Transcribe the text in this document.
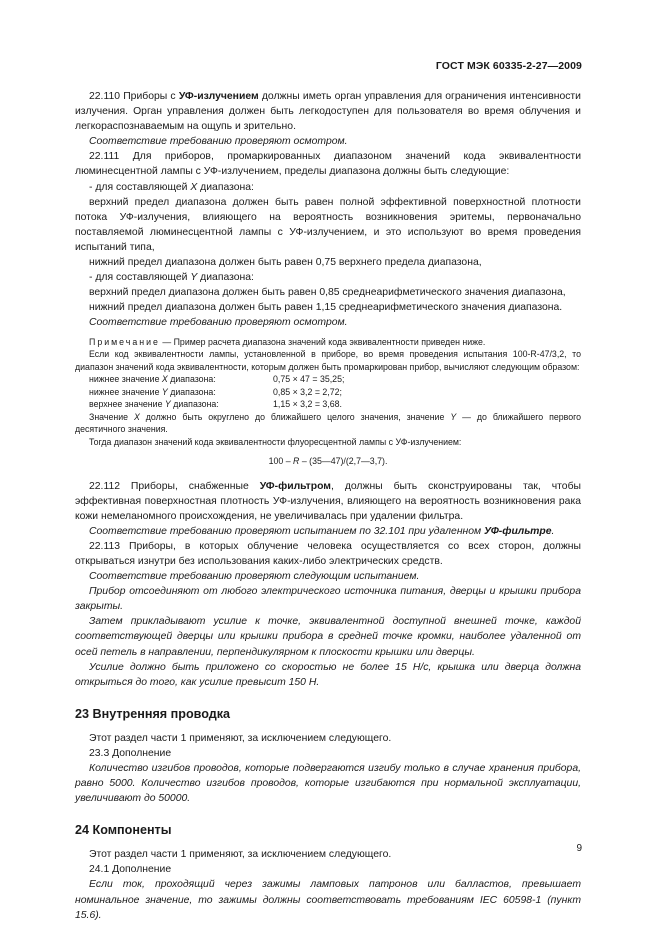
ГОСТ МЭК 60335-2-27—2009

22.110 Приборы с УФ-излучением должны иметь орган управления для ограничения интенсивности излучения. Орган управления должен быть легкодоступен для пользователя во время облучения и легкораспознаваемым на ощупь и зрительно.

Соответствие требованию проверяют осмотром.

22.111 Для приборов, промаркированных диапазоном значений кода эквивалентности люминесцентной лампы с УФ-излучением, пределы диапазона должны быть следующие:

- для составляющей X диапазона:

верхний предел диапазона должен быть равен полной эффективной поверхностной плотности потока УФ-излучения, влияющего на вероятность возникновения эритемы, первоначально поставляемой люминесцентной лампы с УФ-излучением, и это используют во время проведения испытаний типа,

нижний предел диапазона должен быть равен 0,75 верхнего предела диапазона,

- для составляющей Y диапазона:

верхний предел диапазона должен быть равен 0,85 среднеарифметического значения диапазона,

нижний предел диапазона должен быть равен 1,15 среднеарифметического значения диапазона.

Соответствие требованию проверяют осмотром.

Примечание — Пример расчета диапазона значений кода эквивалентности приведен ниже.

Если код эквивалентности лампы, установленной в приборе, во время проведения испытания 100-R-47/3,2, то диапазон значений кода эквивалентности, которым должен быть промаркирован прибор, вычисляют следующим образом:

нижнее значение X диапазона:	0,75 × 47 = 35,25;
нижнее значение Y диапазона:	0,85 × 3,2 = 2,72;
верхнее значение Y диапазона:	1,15 × 3,2 = 3,68.

Значение X должно быть округлено до ближайшего целого значения, значение Y — до ближайшего первого десятичного значения.

Тогда диапазон значений кода эквивалентности флуоресцентной лампы с УФ-излучением:

100 – R – (35—47)/(2,7—3,7).

22.112 Приборы, снабженные УФ-фильтром, должны быть сконструированы так, чтобы эффективная поверхностная плотность УФ-излучения, влияющего на вероятность возникновения рака кожи немеланомного происхождения, не увеличивалась при удалении фильтра.

Соответствие требованию проверяют испытанием по 32.101 при удаленном УФ-фильтре.

22.113 Приборы, в которых облучение человека осуществляется со всех сторон, должны открываться изнутри без использования каких-либо электрических средств.

Соответствие требованию проверяют следующим испытанием.

Прибор отсоединяют от любого электрического источника питания, дверцы и крышки прибора закрыты.

Затем прикладывают усилие к точке, эквивалентной доступной внешней точке, каждой соответствующей дверцы или крышки прибора в средней точке кромки, наиболее удаленной от осей петель в направлении, перпендикулярном к плоскости крышки или дверцы.

Усилие должно быть приложено со скоростью не более 15 Н/с, крышка или дверца должна открыться до того, как усилие превысит 150 Н.

23 Внутренняя проводка

Этот раздел части 1 применяют, за исключением следующего.

23.3 Дополнение

Количество изгибов проводов, которые подвергаются изгибу только в случае хранения прибора, равно 5000. Количество изгибов проводов, которые изгибаются при нормальной эксплуатации, увеличивают до 50000.

24 Компоненты

Этот раздел части 1 применяют, за исключением следующего.

24.1 Дополнение

Если ток, проходящий через зажимы ламповых патронов или балластов, превышает номинальное значение, то зажимы должны соответствовать требованиям IEC 60598-1 (пункт 15.6).

9
